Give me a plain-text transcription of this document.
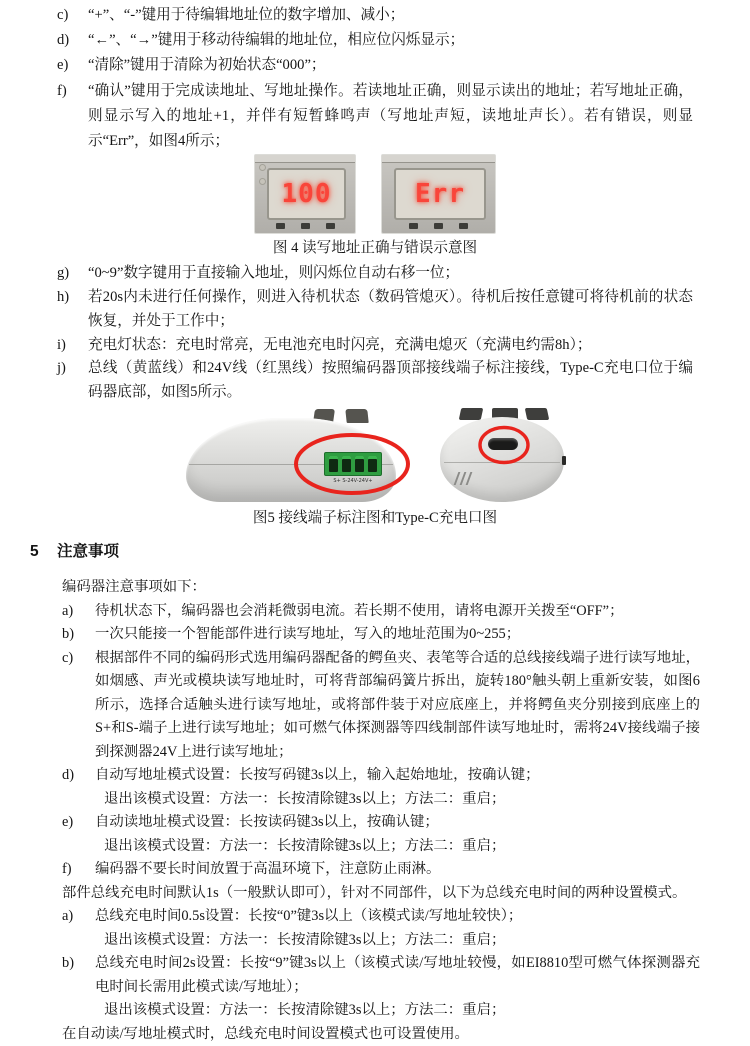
c)	“+”、“-”键用于待编辑地址位的数字增加、减小；
d)	“←”、“→”键用于移动待编辑的地址位，相应位闪烁显示；
e)	“清除”键用于清除为初始状态“000”；
f)	“确认”键用于完成读地址、写地址操作。若读地址正确，则显示读出的地址；若写地址正确，则显示写入的地址+1，并伴有短暂蜂鸣声（写地址声短，读地址声长）。若有错误，则显示“Err”，如图4所示；
100	Err
图 4 读写地址正确与错误示意图
g)	“0~9”数字键用于直接输入地址，则闪烁位自动右移一位；
h)	若20s内未进行任何操作，则进入待机状态（数码管熄灭）。待机后按任意键可将待机前的状态恢复，并处于工作中；
i)	充电灯状态：充电时常亮，无电池充电时闪亮，充满电熄灭（充满电约需8h）；
j)	总线（黄蓝线）和24V线（红黑线）按照编码器顶部接线端子标注接线，Type-C充电口位于编码器底部，如图5所示。
S+ S-24V-24V+
图5 接线端子标注图和Type-C充电口图
5 注意事项

编码器注意事项如下：

a)	待机状态下，编码器也会消耗微弱电流。若长期不使用，请将电源开关拨至“OFF”；
b)	一次只能接一个智能部件进行读写地址，写入的地址范围为0~255；
c)	根据部件不同的编码形式选用编码器配备的鳄鱼夹、表笔等合适的总线接线端子进行读写地址，如烟感、声光或模块读写地址时，可将背部编码簧片拆出，旋转180°触头朝上重新安装，如图6所示，选择合适触头进行读写地址，或将部件装于对应底座上，并将鳄鱼夹分别接到底座上的S+和S-端子上进行读写地址；如可燃气体探测器等四线制部件读写地址时，需将24V接线端子接到探测器24V上进行读写地址；
d)	自动写地址模式设置：长按写码键3s以上，输入起始地址，按确认键；
退出该模式设置：方法一：长按清除键3s以上；方法二：重启；
e)	自动读地址模式设置：长按读码键3s以上，按确认键；
退出该模式设置：方法一：长按清除键3s以上；方法二：重启；
f)	编码器不要长时间放置于高温环境下，注意防止雨淋。

部件总线充电时间默认1s（一般默认即可），针对不同部件，以下为总线充电时间的两种设置模式。

a)	总线充电时间0.5s设置：长按“0”键3s以上（该模式读/写地址较快）；
退出该模式设置：方法一：长按清除键3s以上；方法二：重启；
b)	总线充电时间2s设置：长按“9”键3s以上（该模式读/写地址较慢，如EI8810型可燃气体探测器充电时间长需用此模式读/写地址）；
退出该模式设置：方法一：长按清除键3s以上；方法二：重启；

在自动读/写地址模式时，总线充电时间设置模式也可设置使用。
